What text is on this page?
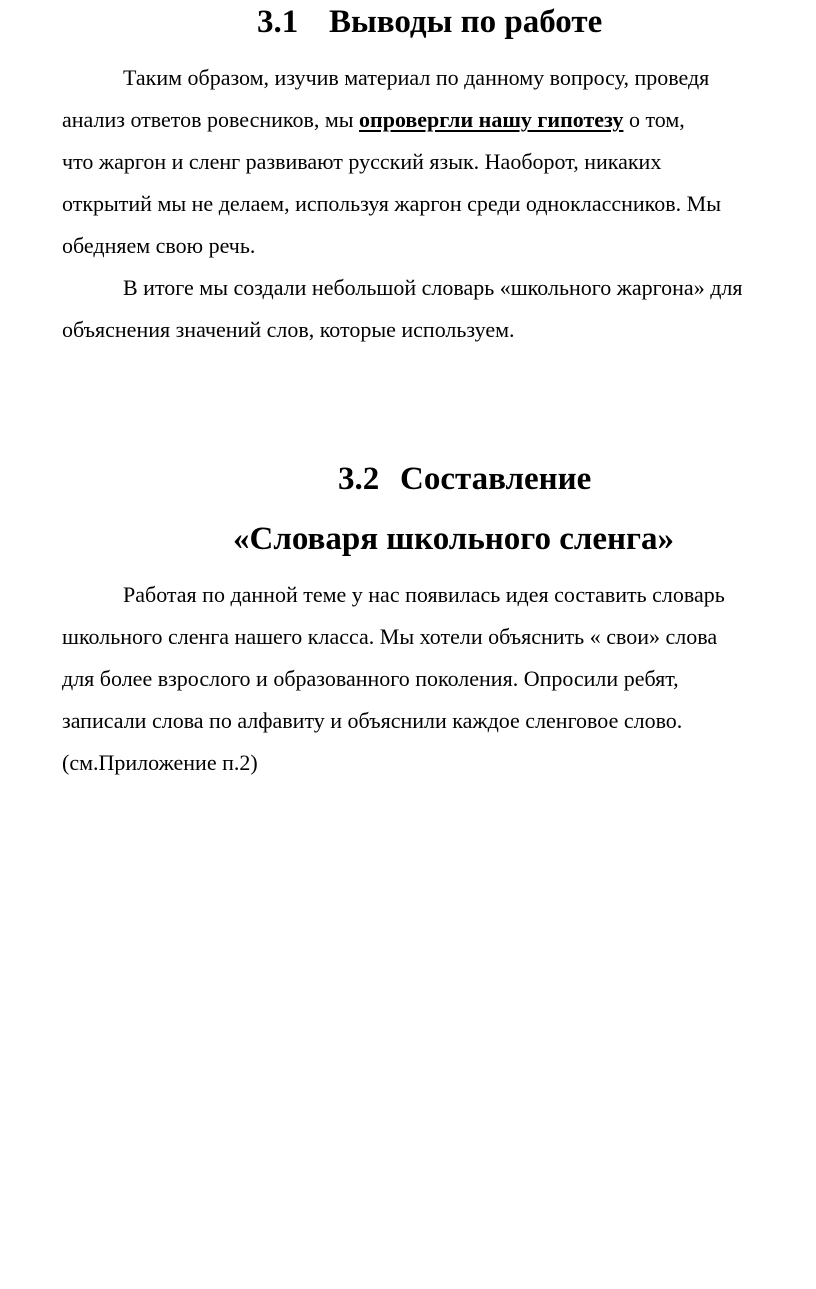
3.1 Выводы по работе

Таким образом, изучив материал по данному вопросу, проведя

анализ ответов ровесников, мы опровергли нашу гипотезу о том,

что жаргон и сленг развивают русский язык. Наоборот, никаких

открытий мы не делаем, используя жаргон среди одноклассников. Мы

обедняем свою речь.

В итоге мы создали небольшой словарь «школьного жаргона» для

объяснения значений слов, которые используем.

3.2 Составление
«Словаря школьного сленга»

Работая по данной теме у нас появилась идея составить словарь

школьного сленга нашего класса. Мы хотели объяснить « свои» слова

для более взрослого и образованного поколения. Опросили ребят,

записали слова по алфавиту и объяснили каждое сленговое слово.

(см.Приложение п.2)
